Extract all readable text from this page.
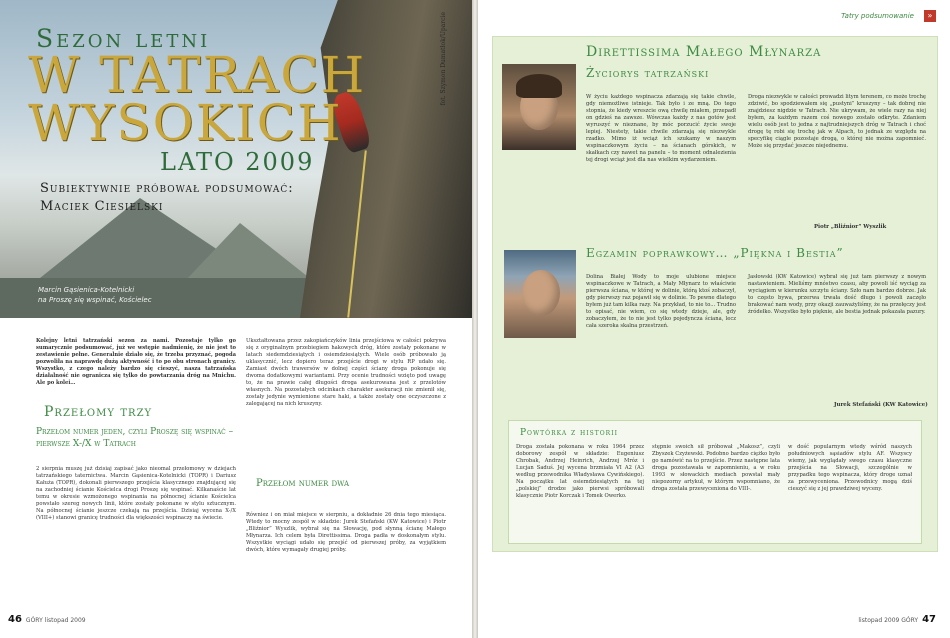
Sezon letni
W TATRACH
WYSOKICH
LATO 2009
Subiektywnie próbował podsumować:
Maciek Ciesielski
fot. Szymon Dumatłok/Uparcie
Marcin Gąsienica-Kotelnicki
na Proszę się wspinać, Kościelec
Kolejny letni tatrzański sezon za nami. Pozostaje tylko go sumarycznie podsumować, już we wstępie nadmienię, że nie jest to zestawienie pełne. Generalnie działo się, że trzeba przyznać, pogoda pozwoliła na naprawdę dużą aktywność i to po obu stronach granicy. Wszystko, z czego należy bardzo się cieszyć, nasza tatrzańska działalność nie ogranicza się tylko do powtarzania dróg na Mnichu. Ale po kolei…
Przełomy trzy
Przełom numer jeden, czyli Proszę się wspinać – pierwsze X-/X w Tatrach
2 sierpnia muszę już dzisiaj zapisać jako nieomal przełomowy w dziejach tatrzańskiego taternictwa. Marcin Gąsienica-Kotelnicki (TOPR) i Dariusz Kałuża (TOPR), dokonali pierwszego przejścia klasycznego znajdującej się na zachodniej ścianie Kościelca drogi Proszę się wspinać. Kilkanaście lat temu w okresie wzmożonego wspinania na północnej ścianie Kościelca powstało szereg nowych linii, które zostały pokonane w stylu sztucznym. Na północnej ścianie jeszcze czekają na przejścia. Dzisiaj wycena X-/X (VIII+) stanowi granicę trudności dla większości wspinaczy na świecie.
Ukształtowana przez zakopiańczyków linia przejściowa w całości pokrywa się z oryginalnym przebiegiem hakowych dróg, które zostały pokonane w latach siedemdziesiątych i osiemdziesiątych. Wiele osób próbowało ją uklasycznić, lecz dopiero teraz przejście drogi w stylu RP udało się. Zamiast dwóch trawersów w dolnej części ściany droga pokonuje się dwoma dodatkowymi wariantami. Przy ocenie trudności wzięto pod uwagę to, że na prawie całej długości droga asekurowana jest z przelotów własnych. Na pozostałych odcinkach charakter asekuracji nie zmienił się, zostały jedynie wymienione stare haki, a także zostały one oczyszczone z zalegającej na nich kruszyny.
Przełom numer dwa
Równiez i on miał miejsce w sierpniu, a dokładnie 26 dnia tego miesiąca. Wtedy to mocny zespół w składzie: Jurek Stefański (KW Katowice) i Piotr „Bliźnior” Wyszlik, wybrał się na Słowację, pod słynną ścianę Małego Młynarza. Ich celem była Direttissima. Droga padła w doskonałym stylu. Wszystkie wyciągi udało się przejść od pierwszej próby, za wyjątkiem dwóch, które wymagały drugiej próby.
46 GÓRY listopad 2009
Tatry podsumowanie	»
Direttissima Małego Młynarza
Życiorys tatrzański
W życiu każdego wspinacza zdarzają się takie chwile, gdy niemożliwe istnieje. Tak było i ze mną. Do tego stopnia, że kiedy wreszcie ową chwilę miałem, przepadł on gdzieś na zawsze. Wówczas każdy z nas gotów jest wyruszyć w nieznane, by móc porzucić życie swoje lepiej. Niestety, takie chwile zdarzają się niezwykle rzadko. Mimo iż wciąż ich szukamy w naszym wspinaczkowym życiu – na ścianach górskich, w skałkach czy nawet na panelu – to moment odnalezienia tej drogi wciąż jest dla nas wielkim wydarzeniem.
Droga niezwykle w całości prowadzi litym terenem, co może trochę zdziwić, bo spodziewałem się „pustyni” kruszyny – tak dobrej nie znajdziesz nigdzie w Tatrach. Nie ukrywam, że wiele razy na niej byłem, za każdym razem coś nowego zostało odkryte. Zdaniem wielu osób jest to jedna z najtrudniejszych dróg w Tatrach i choć drogę tę robi się trochę jak w Alpach, to jednak ze względu na specyfikę ciągle pozostaje drogą, o której nie można zapomnieć. Może się przydać jeszcze niejednemu.
Piotr „Bliźnior” Wyszlik
Egzamin poprawkowy… „Piękna i Bestia”
Dolina Białej Wody to moje ulubione miejsce wspinaczkowe w Tatrach, a Mały Młynarz to właściwie pierwsza ściana, w której w dolinie, którą ktoś zobaczył, gdy pierwszy raz pojawił się w dolinie. To pewne dlatego byłem już tam kilka razy. Na przykład, to nie to... Trudno to opisać, nie wiem, co się wtedy dzieje, ale, gdy zobaczyłem, że to nie jest tylko pojedyncza ściana, lecz cała szeroka skalna przestrzeń.
Jasłowski (KW Katowice) wybrał się już tam pierwszy z nowym nastawieniem. Mieliśmy mnóstwo czasu, aby powoli iść wyciąg za wyciągiem w kierunku szczytu ściany. Szło nam bardzo dobrze. Jak to często bywa, przerwa trwała dość długo i powoli zaczęło brakować nam wody, przy okazji zauważyliśmy, że na przełęczy jest źródełko. Wszystko było pięknie, ale bestia jednak pokazała pazury.
Jurek Stefański (KW Katowice)
Powtórka z historii
Droga została pokonana w roku 1964 przez doborowy zespół w składzie: Eugeniusz Chrobak, Andrzej Heinrich, Andrzej Mróz i Lucjan Saduś. Jej wycena brzmiała VI A2 (A3 według przewodnika Władysława Cywińskiego). Na początku lat osiemdziesiątych na tej „polskiej” drodze jako pierwsi spróbowali klasycznie Piotr Korczak i Tomek Owerko.
stępnie swoich sił próbował „Makosz”, czyli Zbyszek Czyżewski. Podobno bardzo ciężko było go namówić na to przejście. Przez następne lata droga pozostawała w zapomnieniu, a w roku 1993 w słowackich mediach powstał mały niepozorny artykuł, w którym wspomniano, że droga została przewyceniona do VIII-.
w dość popularnym wtedy wśród naszych południowych sąsiadów stylu AF. Wszyscy wiemy, jak wyglądały swego czasu klasyczne przejścia na Słowacji, szczególnie w przypadku tego wspinacza, który droge uznał za przewyceniona. Przewodnicy mogą dziś cieszyć się z jej prawdziwej wyceny.
listopad 2009 GÓRY 47
